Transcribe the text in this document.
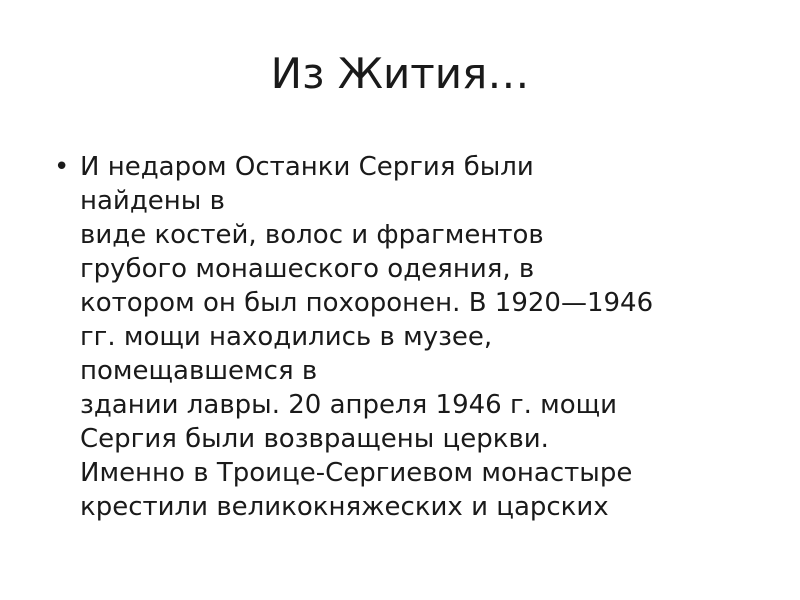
Из Жития…
• И недаром Останки Сергия были
найдены в
виде костей, волос и фрагментов
грубого монашеского одеяния, в
котором он был похоронен. В 1920—1946
гг. мощи находились в музее,
помещавшемся в
здании лавры. 20 апреля 1946 г. мощи
Сергия были возвращены церкви.
Именно в Троице-Сергиевом монастыре
крестили великокняжеских и царских
